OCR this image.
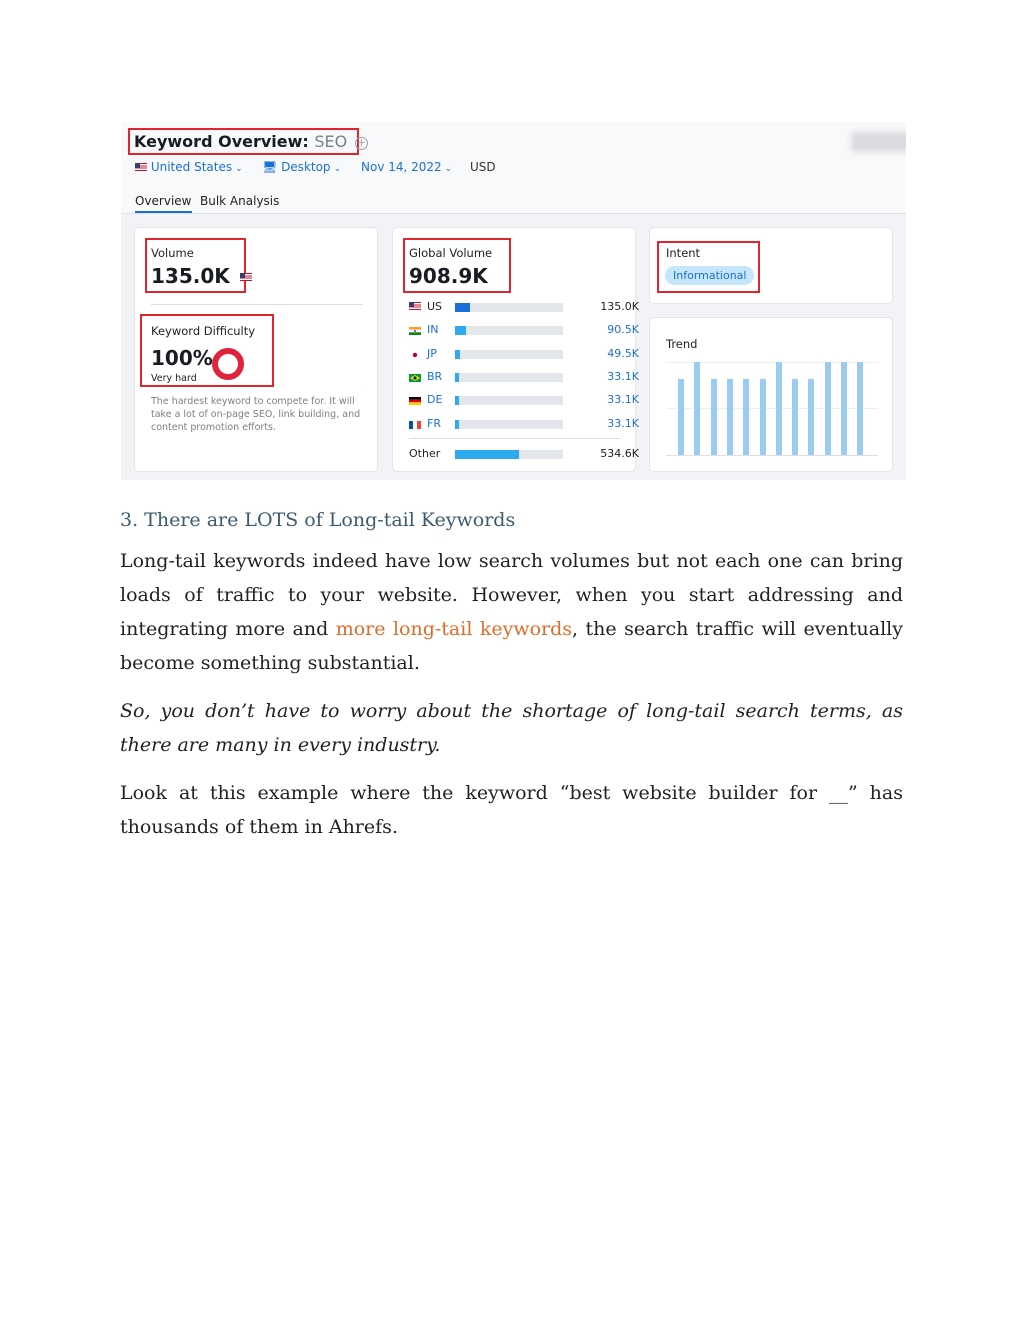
Keyword Overview: SEO +
United States ⌄ 🖥︎ Desktop ⌄ Nov 14, 2022 ⌄ USD
Overview Bulk Analysis
Volume
135.0K
Keyword Difficulty
100%
Very hard
The hardest keyword to compete for. It will take a lot of on-page SEO, link building, and content promotion efforts.
Global Volume
908.9K
US	135.0K
IN	90.5K
JP	49.5K
BR	33.1K
DE	33.1K
FR	33.1K
Other	534.6K
Intent
Informational
Trend
3. There are LOTS of Long-tail Keywords

Long-tail keywords indeed have low search volumes but not each one can bring loads of traffic to your website. However, when you start addressing and integrating more and more long-tail keywords, the search traffic will eventually become something substantial.

So, you don’t have to worry about the shortage of long-tail search terms, as there are many in every industry.

Look at this example where the keyword “best website builder for __” has thousands of them in Ahrefs.
